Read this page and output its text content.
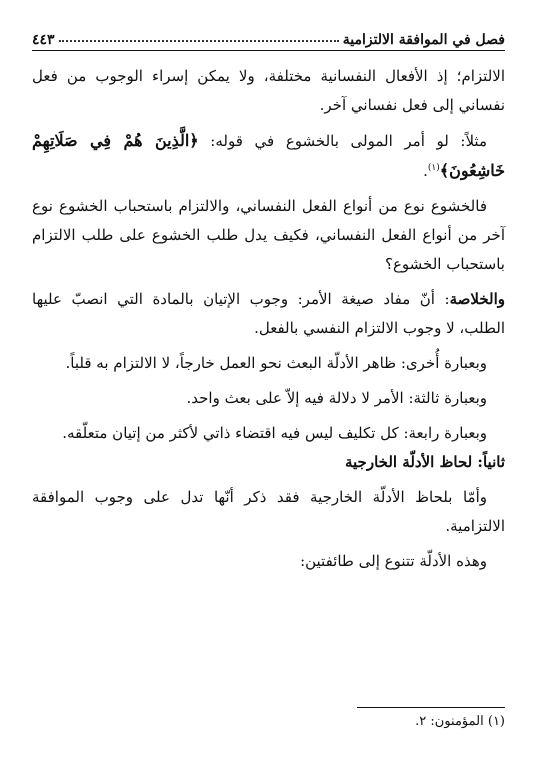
فصل في الموافقة الالتزامية
٤٤٣

الالتزام؛ إذ الأفعال النفسانية مختلفة، ولا يمكن إسراء الوجوب من فعل نفساني إلى فعل نفساني آخر.

مثلاً: لو أمر المولى بالخشوع في قوله: ﴿الَّذِينَ هُمْ فِي صَلَاتِهِمْ خَاشِعُونَ﴾$^{(١)}$.

فالخشوع نوع من أنواع الفعل النفساني، والالتزام باستحباب الخشوع نوع آخر من أنواع الفعل النفساني، فكيف يدل طلب الخشوع على طلب الالتزام باستحباب الخشوع؟

والخلاصة: أنّ مفاد صيغة الأمر: وجوب الإتيان بالمادة التي انصبّ عليها الطلب، لا وجوب الالتزام النفسي بالفعل.

وبعبارة أُخرى: ظاهر الأدلّة البعث نحو العمل خارجاً، لا الالتزام به قلباً.

وبعبارة ثالثة: الأمر لا دلالة فيه إلاّ على بعث واحد.

وبعبارة رابعة: كل تكليف ليس فيه اقتضاء ذاتي لأكثر من إتيان متعلّقه.

ثانياً: لحاظ الأدلّة الخارجية

وأمّا بلحاظ الأدلّة الخارجية فقد ذكر أنّها تدل على وجوب الموافقة الالتزامية.

وهذه الأدلّة تتنوع إلى طائفتين:

(١) المؤمنون: ٢.
